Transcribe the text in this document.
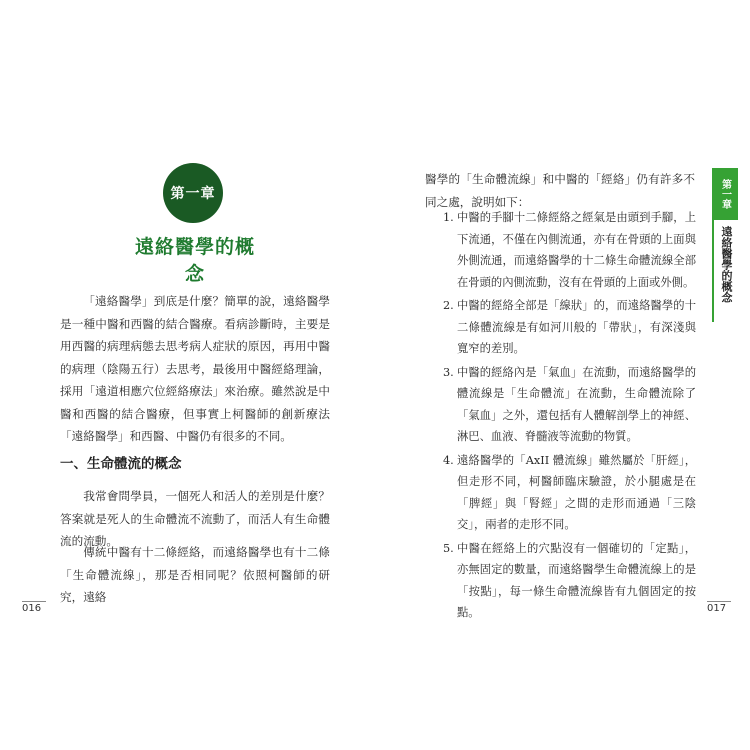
第一章
遠絡醫學的概念

「遠絡醫學」到底是什麼？簡單的說，遠絡醫學是一種中醫和西醫的結合醫療。看病診斷時，主要是用西醫的病理病態去思考病人症狀的原因，再用中醫的病理（陰陽五行）去思考，最後用中醫經絡理論，採用「遠道相應穴位經絡療法」來治療。雖然說是中醫和西醫的結合醫療，但事實上柯醫師的創新療法「遠絡醫學」和西醫、中醫仍有很多的不同。

一、生命體流的概念

我常會問學員，一個死人和活人的差別是什麼？答案就是死人的生命體流不流動了，而活人有生命體流的流動。

傳統中醫有十二條經絡，而遠絡醫學也有十二條「生命體流線」，那是否相同呢？依照柯醫師的研究，遠絡

016

醫學的「生命體流線」和中醫的「經絡」仍有許多不同之處，說明如下：

1. 中醫的手腳十二條經絡之經氣是由頭到手腳，上下流通，不僅在內側流通，亦有在骨頭的上面與外側流通，而遠絡醫學的十二條生命體流線全部在骨頭的內側流動，沒有在骨頭的上面或外側。
2. 中醫的經絡全部是「線狀」的，而遠絡醫學的十二條體流線是有如河川般的「帶狀」，有深淺與寬窄的差別。
3. 中醫的經絡內是「氣血」在流動，而遠絡醫學的體流線是「生命體流」在流動，生命體流除了「氣血」之外，還包括有人體解剖學上的神經、淋巴、血液、脊髓液等流動的物質。
4. 遠絡醫學的「AxII 體流線」雖然屬於「肝經」，但走形不同，柯醫師臨床驗證，於小腿處是在「脾經」與「腎經」之間的走形而通過「三陰交」，兩者的走形不同。
5. 中醫在經絡上的穴點沒有一個確切的「定點」，亦無固定的數量，而遠絡醫學生命體流線上的是「按點」，每一條生命體流線皆有九個固定的按點。
第一章
遠絡醫學的概念
017
